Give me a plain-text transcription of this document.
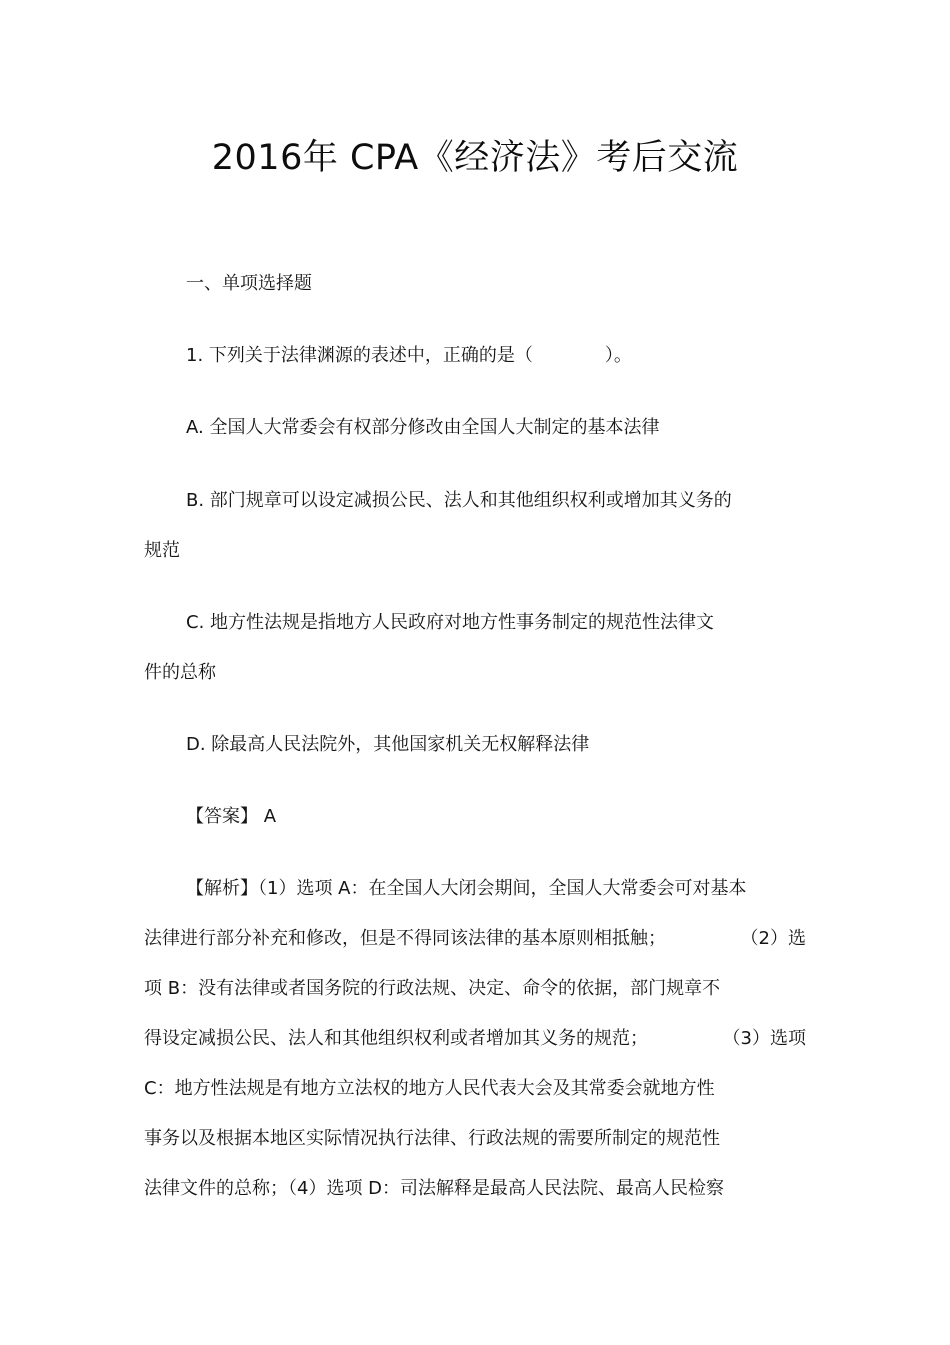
2016年 CPA《经济法》考后交流
一、单项选择题
1. 下列关于法律渊源的表述中，正确的是（　　　　）。
A. 全国人大常委会有权部分修改由全国人大制定的基本法律
B. 部门规章可以设定减损公民、法人和其他组织权利或增加其义务的
规范
C. 地方性法规是指地方人民政府对地方性事务制定的规范性法律文
件的总称
D. 除最高人民法院外，其他国家机关无权解释法律
【答案】 A
【解析】（1）选项 A：在全国人大闭会期间，全国人大常委会可对基本
法律进行部分补充和修改，但是不得同该法律的基本原则相抵触；	（2）选
项 B：没有法律或者国务院的行政法规、决定、命令的依据，部门规章不
得设定减损公民、法人和其他组织权利或者增加其义务的规范；	（3）选项
C：地方性法规是有地方立法权的地方人民代表大会及其常委会就地方性
事务以及根据本地区实际情况执行法律、行政法规的需要所制定的规范性
法律文件的总称；（4）选项 D：司法解释是最高人民法院、最高人民检察
